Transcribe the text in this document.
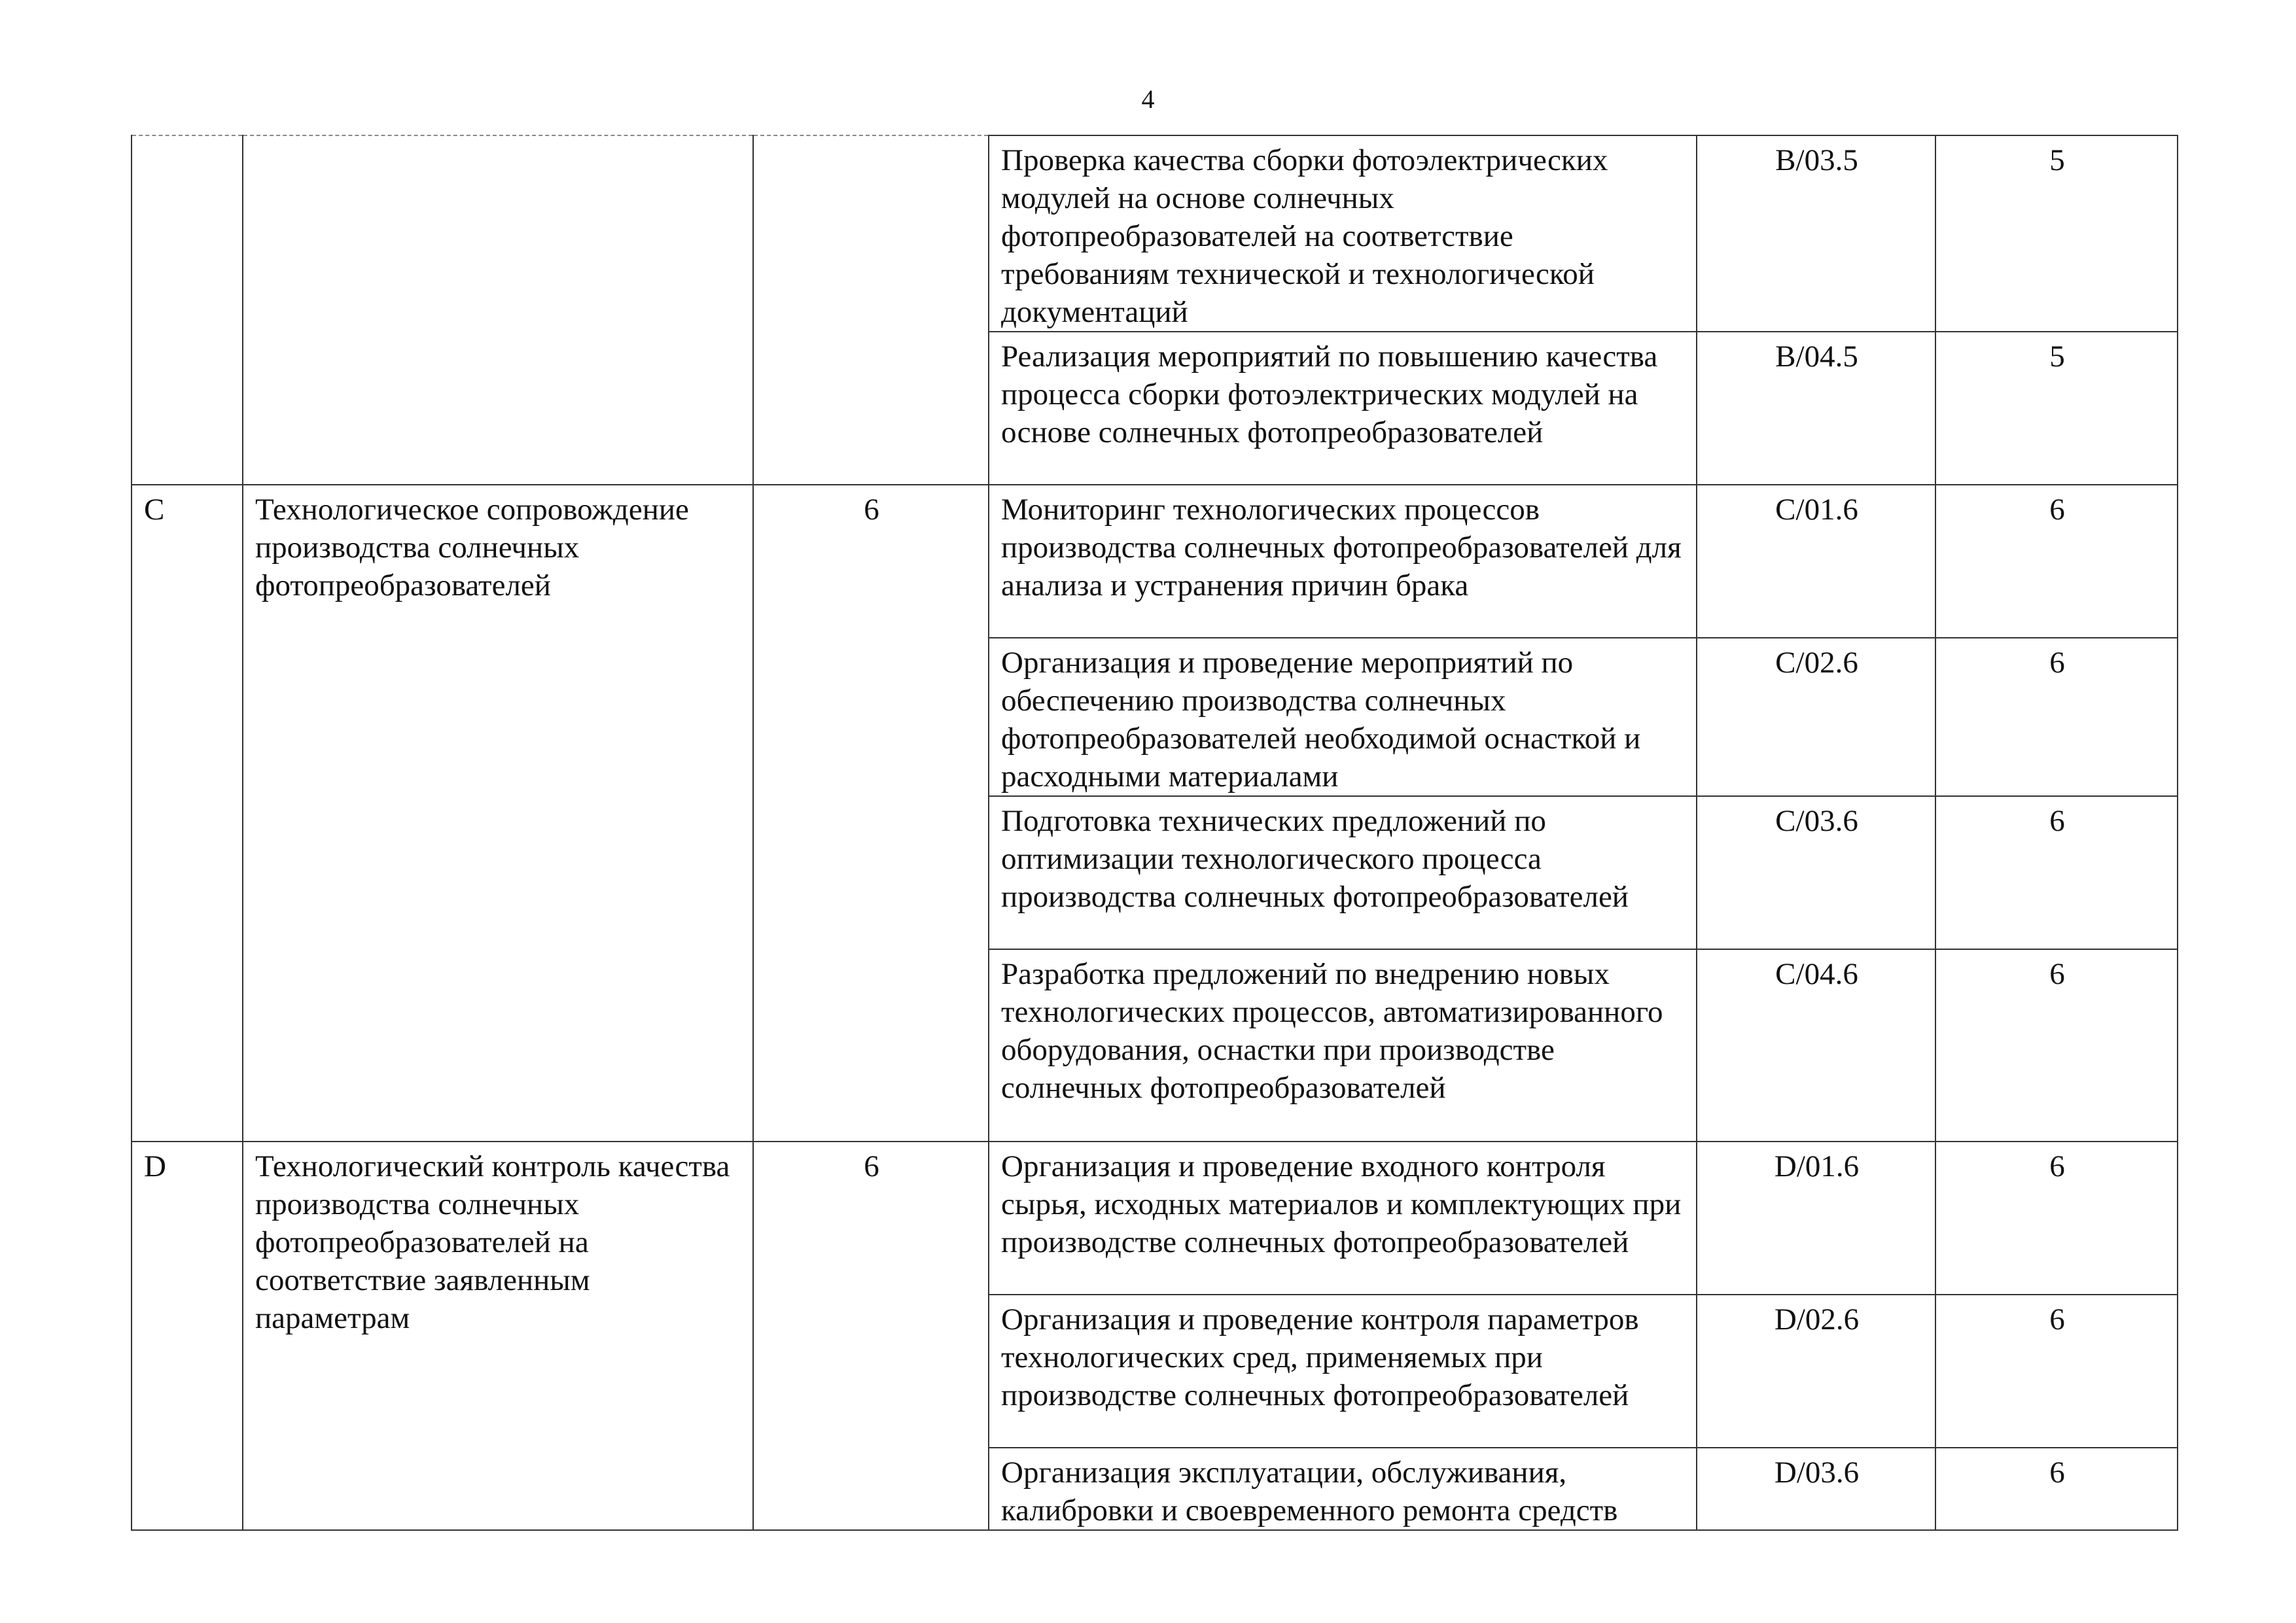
4
			Проверка качества сборки фотоэлектрических модулей на основе солнечных фотопреобразователей на соответствие требованиям технической и технологической документаций	B/03.5	5
			Реализация мероприятий по повышению качества процесса сборки фотоэлектрических модулей на основе солнечных фотопреобразователей	B/04.5	5
C	Технологическое сопровождение производства солнечных фотопреобразователей	6	Мониторинг технологических процессов производства солнечных фотопреобразователей для анализа и устранения причин брака	C/01.6	6
			Организация и проведение мероприятий по обеспечению производства солнечных фотопреобразователей необходимой оснасткой и расходными материалами	C/02.6	6
			Подготовка технических предложений по оптимизации технологического процесса производства солнечных фотопреобразователей	C/03.6	6
			Разработка предложений по внедрению новых технологических процессов, автоматизированного оборудования, оснастки при производстве солнечных фотопреобразователей	C/04.6	6
D	Технологический контроль качества производства солнечных фотопреобразователей на соответствие заявленным параметрам	6	Организация и проведение входного контроля сырья, исходных материалов и комплектующих при производстве солнечных фотопреобразователей	D/01.6	6
			Организация и проведение контроля параметров технологических сред, применяемых при производстве солнечных фотопреобразователей	D/02.6	6
			Организация эксплуатации, обслуживания, калибровки и своевременного ремонта средств	D/03.6	6
